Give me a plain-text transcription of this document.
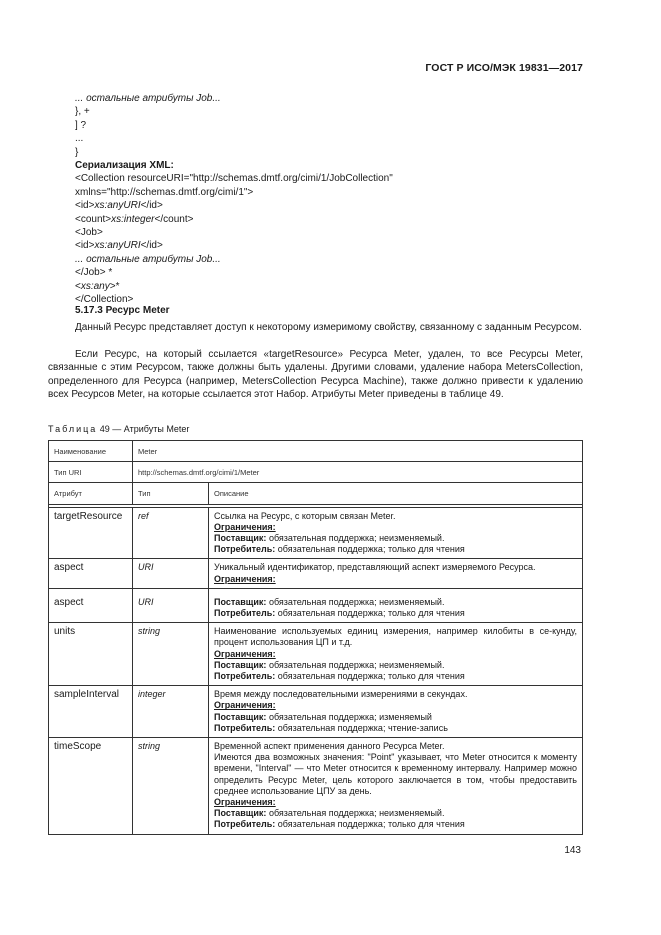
ГОСТ Р ИСО/МЭК 19831—2017
... остальные атрибуты Job...
}, +
] ?
...
}
Сериализация XML:
<Collection resourceURI="http://schemas.dmtf.org/cimi/1/JobCollection"
xmlns="http://schemas.dmtf.org/cimi/1">
<id>xs:anyURI</id>
<count>xs:integer</count>
<Job>
<id>xs:anyURI</id>
... остальные атрибуты Job...
</Job> *
<xs:any>*
</Collection>
5.17.3 Ресурс Meter

Данный Ресурс представляет доступ к некоторому измеримому свойству, связанному с заданным Ресурсом.

Если Ресурс, на который ссылается «targetResource» Ресурса Meter, удален, то все Ресурсы Meter, связанные с этим Ресурсом, также должны быть удалены. Другими словами, удаление набора MetersCollection, определенного для Ресурса (например, MetersCollection Ресурса Machine), также должно привести к удалению всех Ресурсов Meter, на которые ссылается этот Набор. Атрибуты Meter приведены в таблице 49.

Таблица 49 — Атрибуты Meter
Наименование	Meter	
Тип URI	http://schemas.dmtf.org/cimi/1/Meter	
Атрибут	Тип	Описание

targetResource	ref	Ссылка на Ресурс, с которым связан Meter.
Ограничения:
Поставщик: обязательная поддержка; неизменяемый.
Потребитель: обязательная поддержка; только для чтения

aspect	URI	Уникальный идентификатор, представляющий аспект измеряемого Ресурса.
Ограничения:

aspect	URI	Поставщик: обязательная поддержка; неизменяемый.
Потребитель: обязательная поддержка; только для чтения

units	string	Наименование используемых единиц измерения, например килобиты в се-кунду, процент использования ЦП и т.д.
Ограничения:
Поставщик: обязательная поддержка; неизменяемый.
Потребитель: обязательная поддержка; только для чтения

sampleInterval	integer	Время между последовательными измерениями в секундах.
Ограничения:
Поставщик: обязательная поддержка; изменяемый
Потребитель: обязательная поддержка; чтение-запись

timeScope	string	Временной аспект применения данного Ресурса Meter.
Имеются два возможных значения: "Point" указывает, что Meter относится к моменту времени, "Interval" — что Meter относится к временному интервалу. Например можно определить Ресурс Meter, цель которого заключается в том, чтобы предоставить среднее использование ЦПУ за день.
Ограничения:
Поставщик: обязательная поддержка; неизменяемый.
Потребитель: обязательная поддержка; только для чтения
143
